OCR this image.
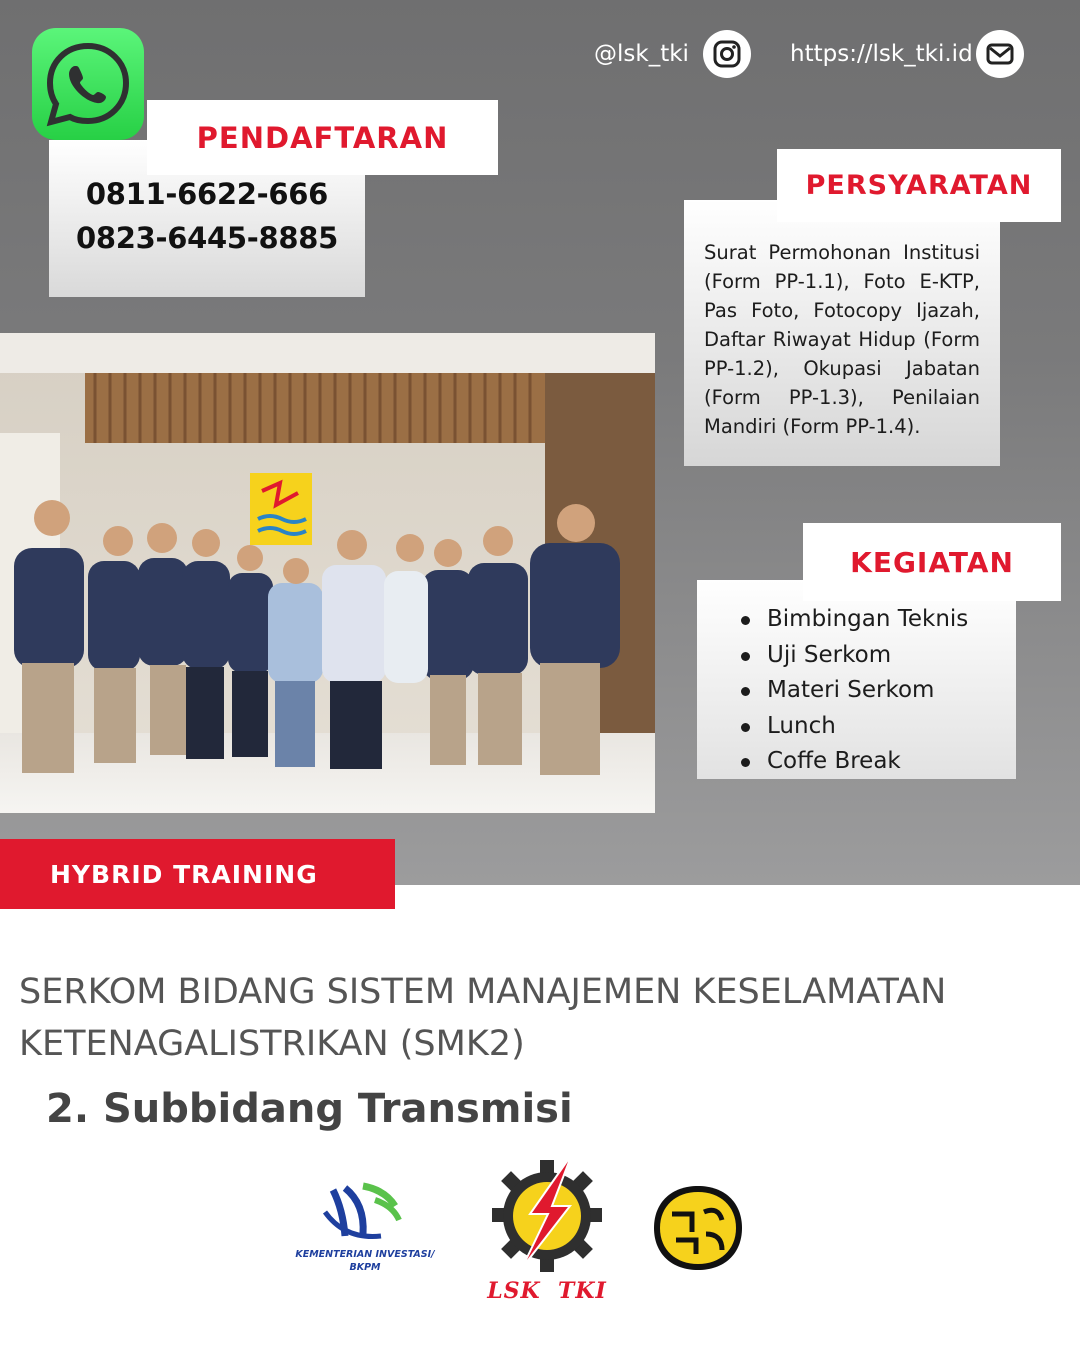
0811-6622-666
0823-6445-8885
PENDAFTARAN
@lsk_tki	https://lsk_tki.id

Surat Permohonan Institusi (Form PP-1.1), Foto E-KTP, Pas Foto, Fotocopy Ijazah, Daftar Riwayat Hidup (Form PP-1.2), Okupasi Jabatan (Form PP-1.3), Penilaian Mandiri (Form PP-1.4).

PERSYARATAN
Bimbingan Teknis
Uji Serkom
Materi Serkom
Lunch
Coffe Break
KEGIATAN
HYBRID TRAINING
SERKOM BIDANG SISTEM MANAJEMEN KESELAMATAN KETENAGALISTRIKAN (SMK2)
2. Subbidang Transmisi
KEMENTERIAN INVESTASI/
BKPM
LSK  TKI
